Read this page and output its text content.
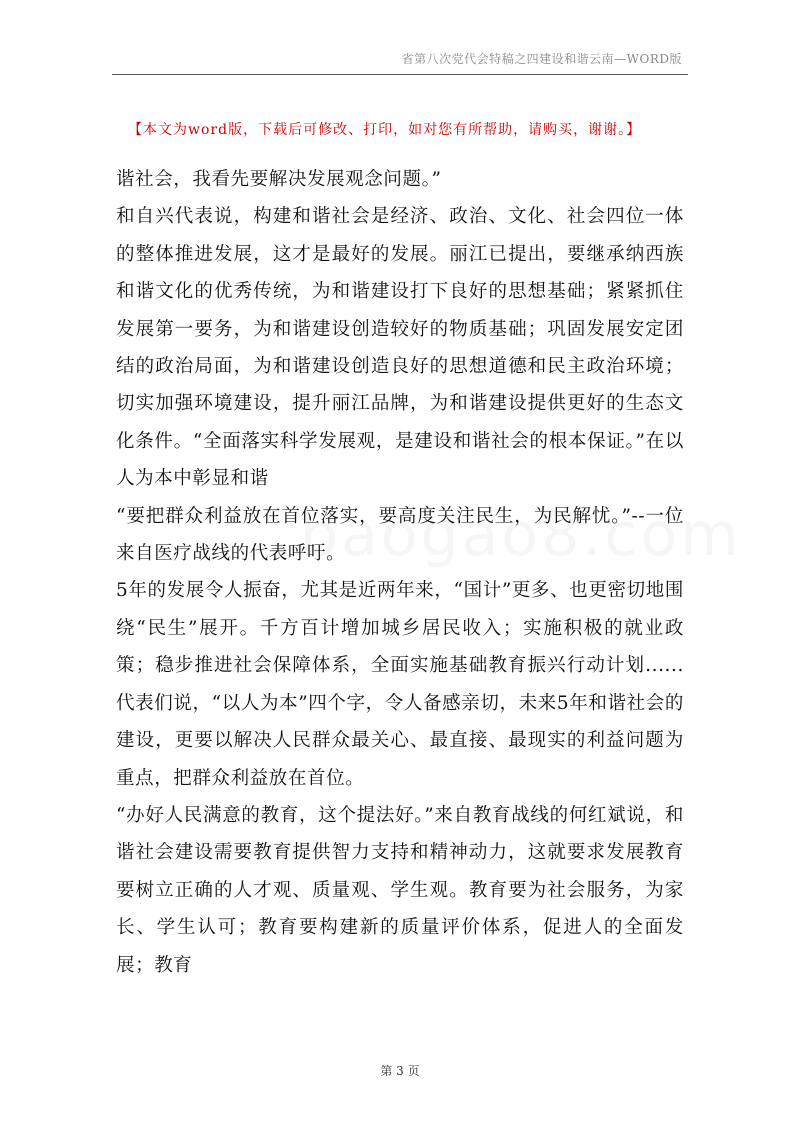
省第八次党代会特稿之四建设和谐云南—WORD版
【本文为word版，下载后可修改、打印，如对您有所帮助，请购买，谢谢。】

谐社会，我看先要解决发展观念问题。”

和自兴代表说，构建和谐社会是经济、政治、文化、社会四位一体的整体推进发展，这才是最好的发展。丽江已提出，要继承纳西族和谐文化的优秀传统，为和谐建设打下良好的思想基础；紧紧抓住发展第一要务，为和谐建设创造较好的物质基础；巩固发展安定团结的政治局面，为和谐建设创造良好的思想道德和民主政治环境；切实加强环境建设，提升丽江品牌，为和谐建设提供更好的生态文化条件。“全面落实科学发展观，是建设和谐社会的根本保证。”在以人为本中彰显和谐

“要把群众利益放在首位落实，要高度关注民生，为民解忧。”--一位来自医疗战线的代表呼吁。

5年的发展令人振奋，尤其是近两年来，“国计”更多、也更密切地围绕“民生”展开。千方百计增加城乡居民收入；实施积极的就业政策；稳步推进社会保障体系，全面实施基础教育振兴行动计划......代表们说，“以人为本”四个字，令人备感亲切，未来5年和谐社会的建设，更要以解决人民群众最关心、最直接、最现实的利益问题为重点，把群众利益放在首位。

“办好人民满意的教育，这个提法好。”来自教育战线的何红斌说，和谐社会建设需要教育提供智力支持和精神动力，这就要求发展教育要树立正确的人才观、质量观、学生观。教育要为社会服务，为家长、学生认可；教育要构建新的质量评价体系，促进人的全面发展；教育

第 3 页
